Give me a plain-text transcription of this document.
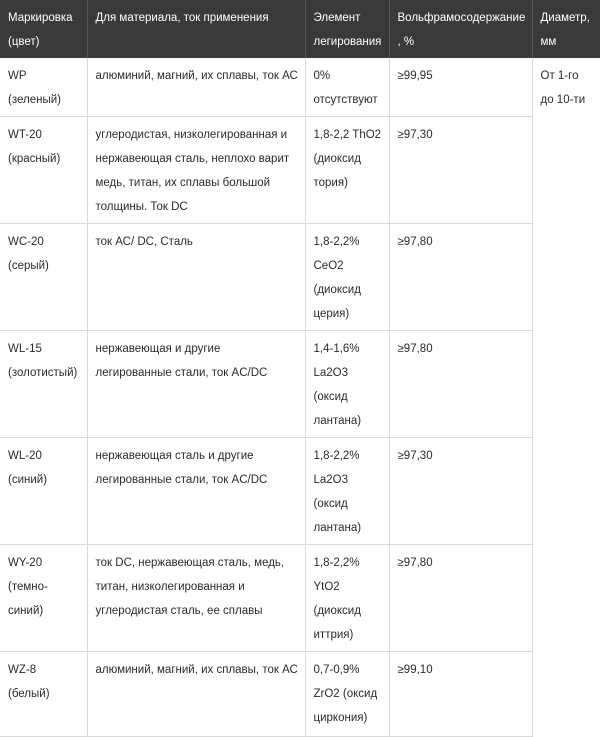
Маркировка (цвет)	Для материала, ток применения	Элемент легирования	Вольфрамосодержание, %	Диаметр, мм
WP (зеленый)	алюминий, магний, их сплавы, ток АС	0% отсутствуют	≥99,95	От 1-го до 10-ти
WT-20 (красный)	углеродистая, низколегированная и нержавеющая сталь, неплохо варит медь, титан, их сплавы большой толщины. Ток DC	1,8-2,2 ThO2 (диоксид тория)	≥97,30	
WC-20 (серый)	ток АС/ DC, Сталь	1,8-2,2% CeO2 (диоксид церия)	≥97,80	
WL-15 (золотистый)	нержавеющая и другие легированные стали, ток AC/DC	1,4-1,6% La2O3 (оксид лантана)	≥97,80	
WL-20 (синий)	нержавеющая сталь и другие легированные стали, ток AC/DC	1,8-2,2% La2O3 (оксид лантана)	≥97,30	
WY-20 (темно-синий)	ток DC, нержавеющая сталь, медь, титан, низколегированная и углеродистая сталь, ее сплавы	1,8-2,2% YtO2 (диоксид иттрия)	≥97,80	
WZ-8 (белый)	алюминий, магний, их сплавы, ток АС	0,7-0,9% ZrO2 (оксид циркония)	≥99,10	
